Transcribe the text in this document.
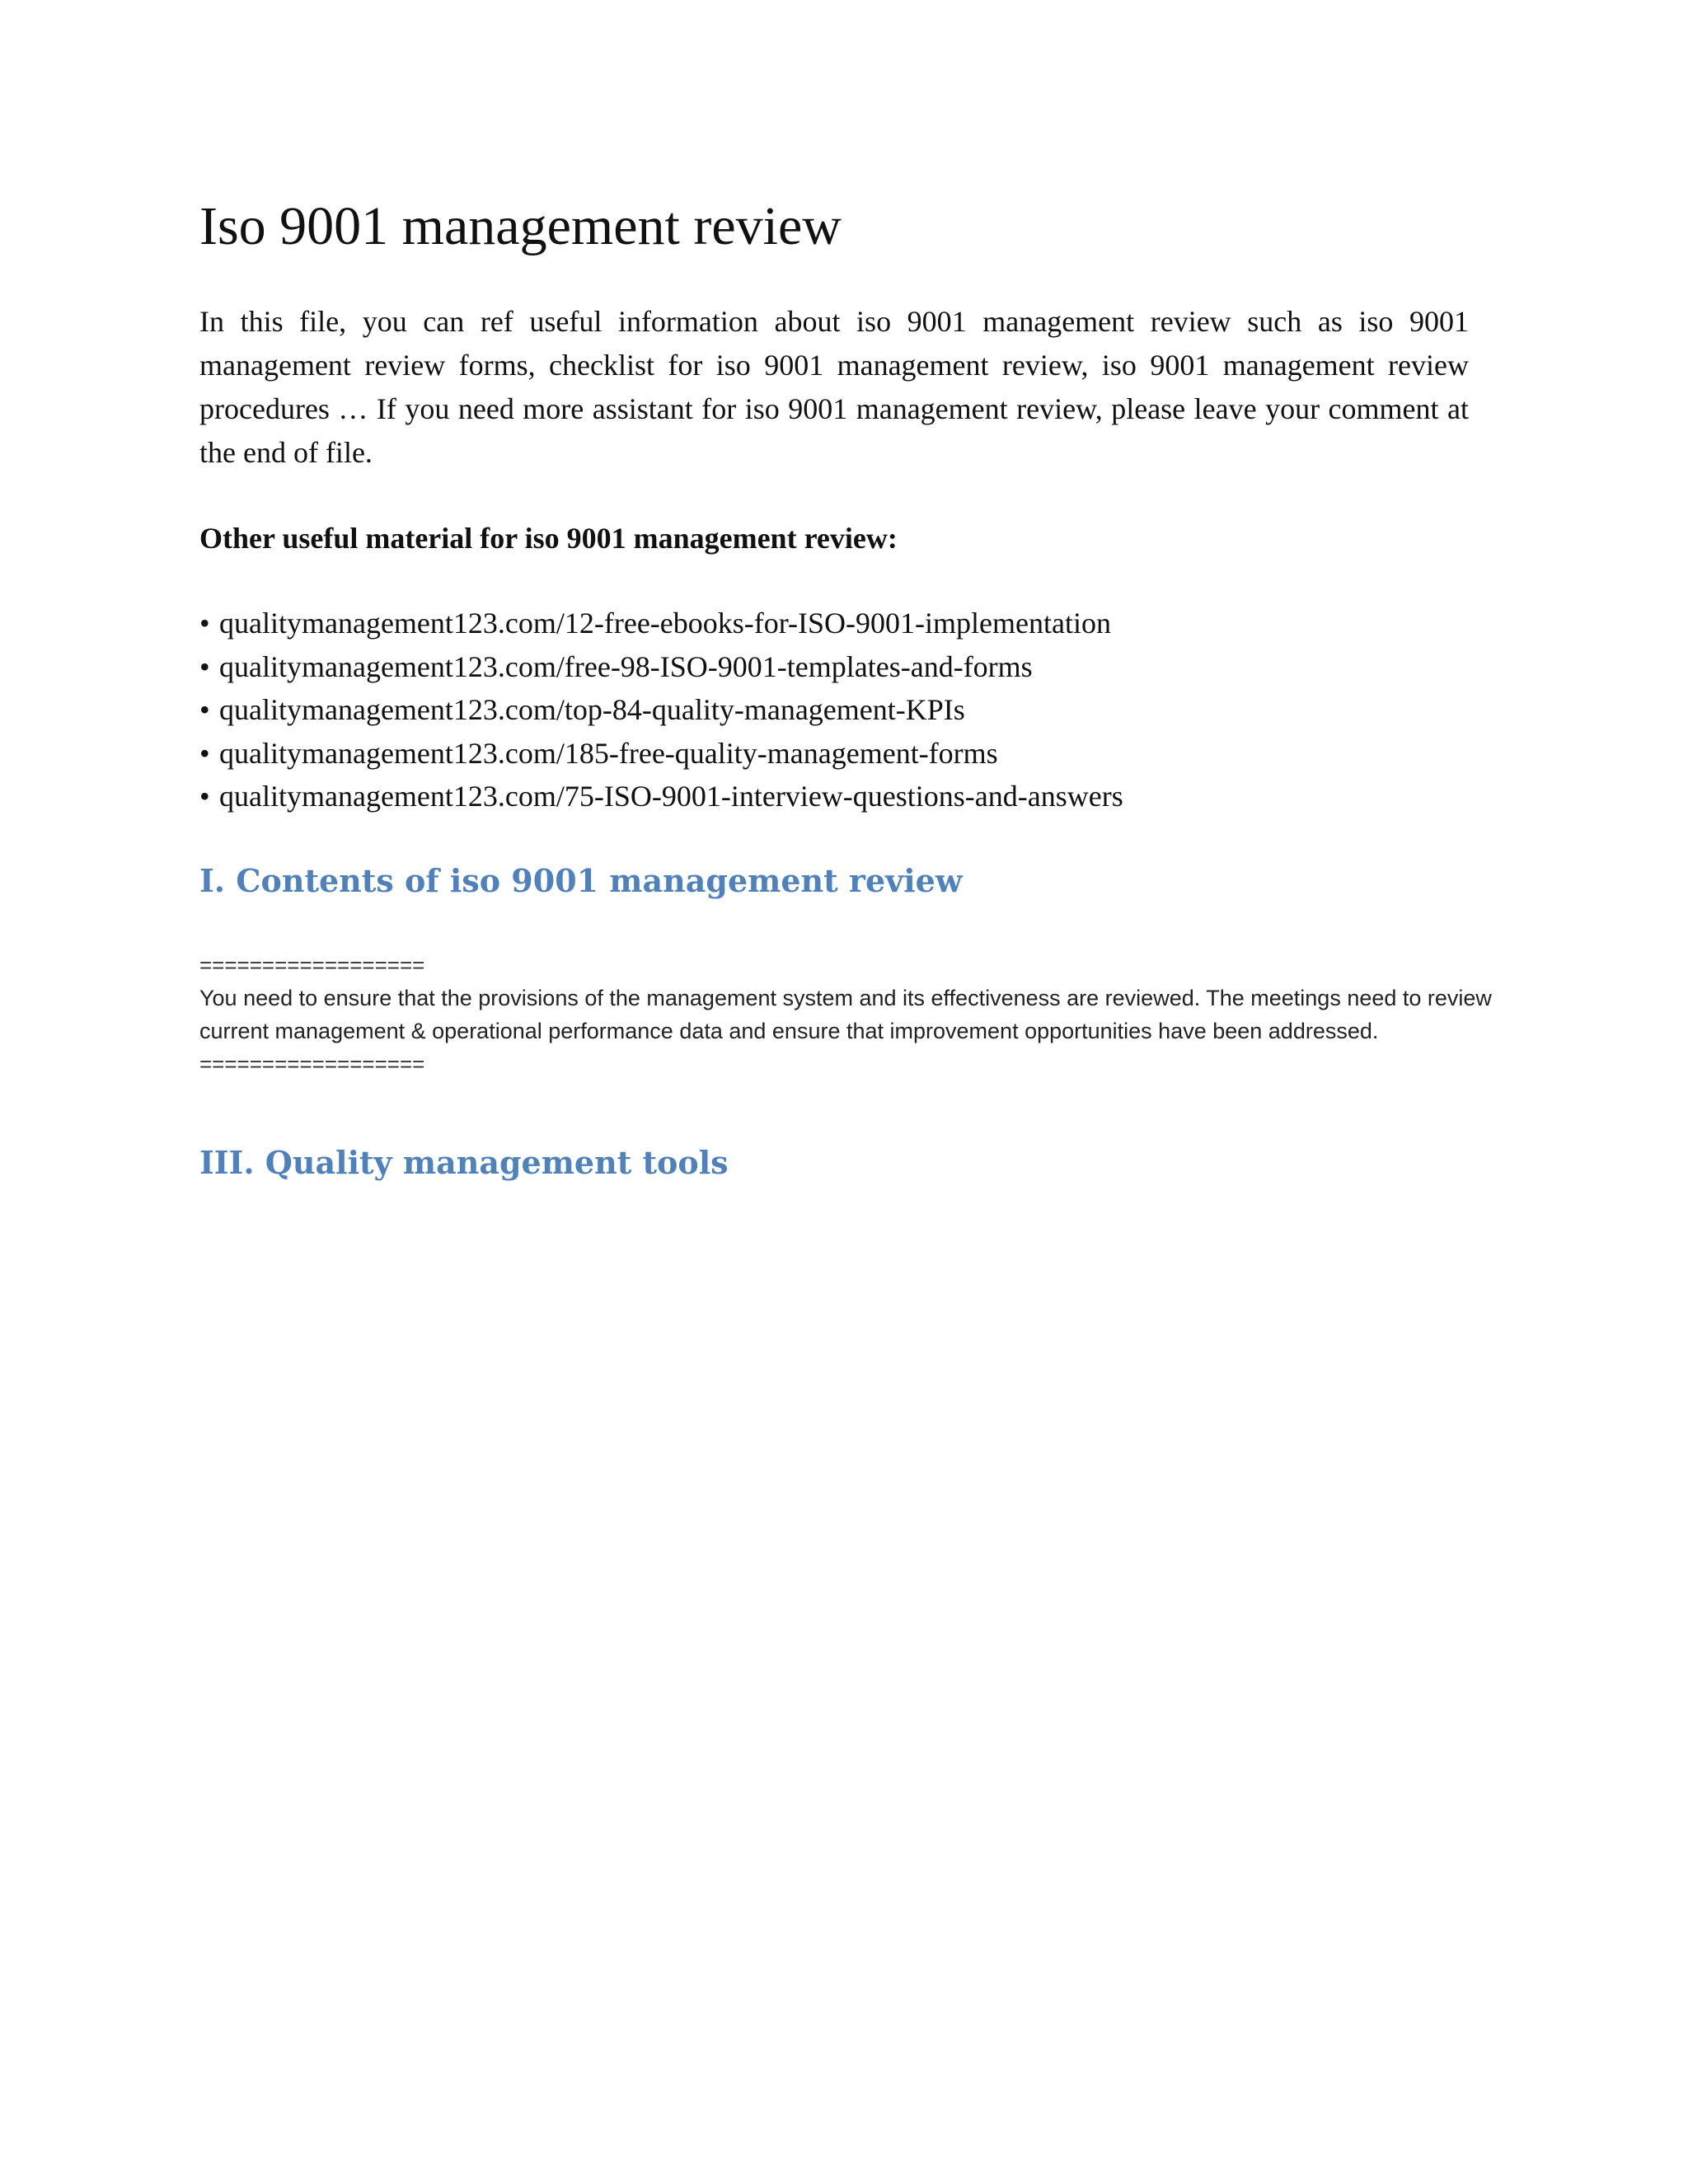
Iso 9001 management review

In this file, you can ref useful information about iso 9001 management review such as iso 9001 management review forms, checklist for iso 9001 management review, iso 9001 management review procedures … If you need more assistant for iso 9001 management review, please leave your comment at the end of file.

Other useful material for iso 9001 management review:

• qualitymanagement123.com/12-free-ebooks-for-ISO-9001-implementation
• qualitymanagement123.com/free-98-ISO-9001-templates-and-forms
• qualitymanagement123.com/top-84-quality-management-KPIs
• qualitymanagement123.com/185-free-quality-management-forms
• qualitymanagement123.com/75-ISO-9001-interview-questions-and-answers
I. Contents of iso 9001 management review

==================

You need to ensure that the provisions of the management system and its effectiveness are reviewed. The meetings need to review current management & operational performance data and ensure that improvement opportunities have been addressed.

==================

III. Quality management tools
